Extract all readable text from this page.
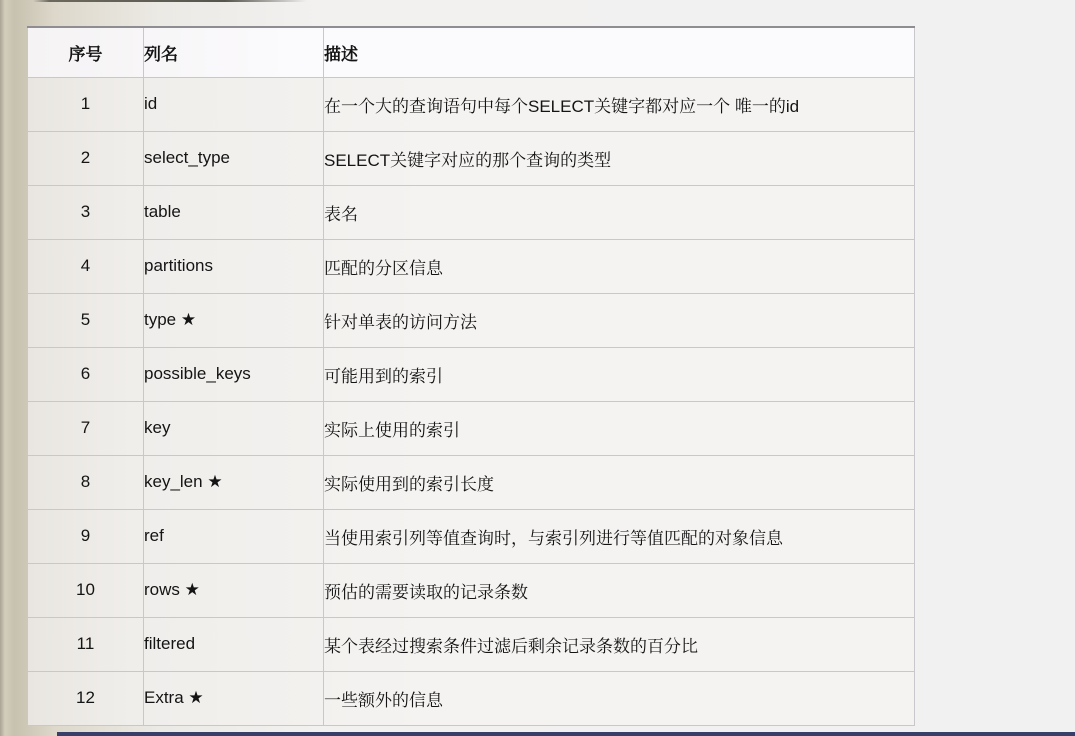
序号	列名	描述
1	id	在一个大的查询语句中每个SELECT关键字都对应一个 唯一的id
2	select_type	SELECT关键字对应的那个查询的类型
3	table	表名
4	partitions	匹配的分区信息
5	type ★	针对单表的访问方法
6	possible_keys	可能用到的索引
7	key	实际上使用的索引
8	key_len ★	实际使用到的索引长度
9	ref	当使用索引列等值查询时，与索引列进行等值匹配的对象信息
10	rows ★	预估的需要读取的记录条数
11	filtered	某个表经过搜索条件过滤后剩余记录条数的百分比
12	Extra ★	一些额外的信息
